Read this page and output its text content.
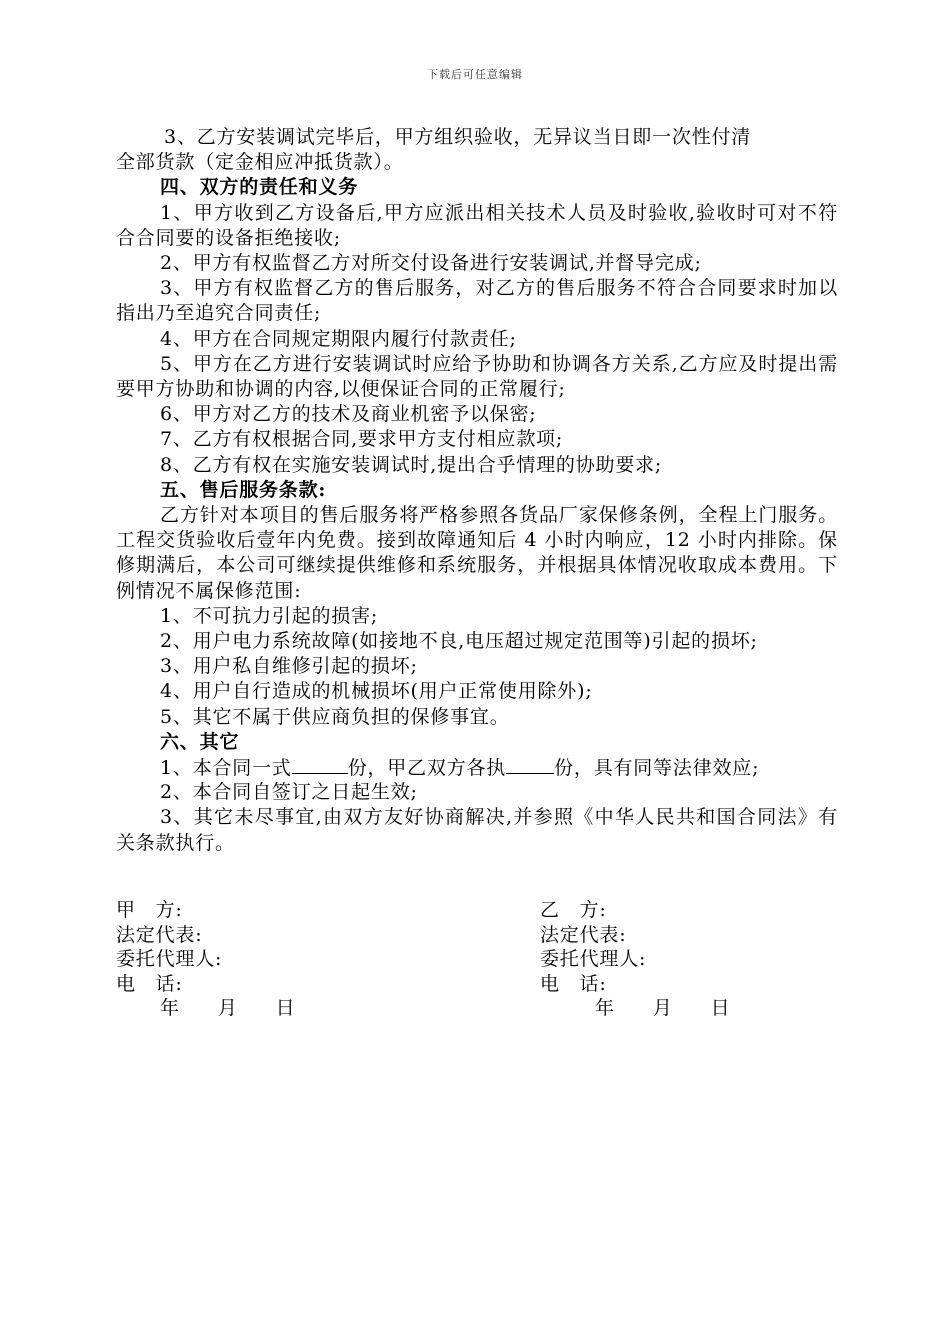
下载后可任意编辑
3、乙方安装调试完毕后，甲方组织验收，无异议当日即一次性付清
全部货款（定金相应冲抵货款）。
四、双方的责任和义务
1、甲方收到乙方设备后,甲方应派出相关技术人员及时验收,验收时可对不符合合同要的设备拒绝接收;
2、甲方有权监督乙方对所交付设备进行安装调试,并督导完成;
3、甲方有权监督乙方的售后服务，对乙方的售后服务不符合合同要求时加以指出乃至追究合同责任;
4、甲方在合同规定期限内履行付款责任;
5、甲方在乙方进行安装调试时应给予协助和协调各方关系,乙方应及时提出需要甲方协助和协调的内容,以便保证合同的正常履行;
6、甲方对乙方的技术及商业机密予以保密;
7、乙方有权根据合同,要求甲方支付相应款项;
8、乙方有权在实施安装调试时,提出合乎情理的协助要求;
五、售后服务条款:
乙方针对本项目的售后服务将严格参照各货品厂家保修条例，全程上门服务。工程交货验收后壹年内免费。接到故障通知后 4 小时内响应，12 小时内排除。保修期满后，本公司可继续提供维修和系统服务，并根据具体情况收取成本费用。下例情况不属保修范围:
1、不可抗力引起的损害;
2、用户电力系统故障(如接地不良,电压超过规定范围等)引起的损坏;
3、用户私自维修引起的损坏;
4、用户自行造成的机械损坏(用户正常使用除外);
5、其它不属于供应商负担的保修事宜。
六、其它
1、本合同一式	份，甲乙双方各执	份，具有同等法律效应;
2、本合同自签订之日起生效;
3、其它未尽事宜,由双方友好协商解决,并参照《中华人民共和国合同法》有关条款执行。
甲　方:
法定代表:
委托代理人:
电　话:
年 月 日
乙　方:
法定代表:
委托代理人:
电　话:
年 月 日
